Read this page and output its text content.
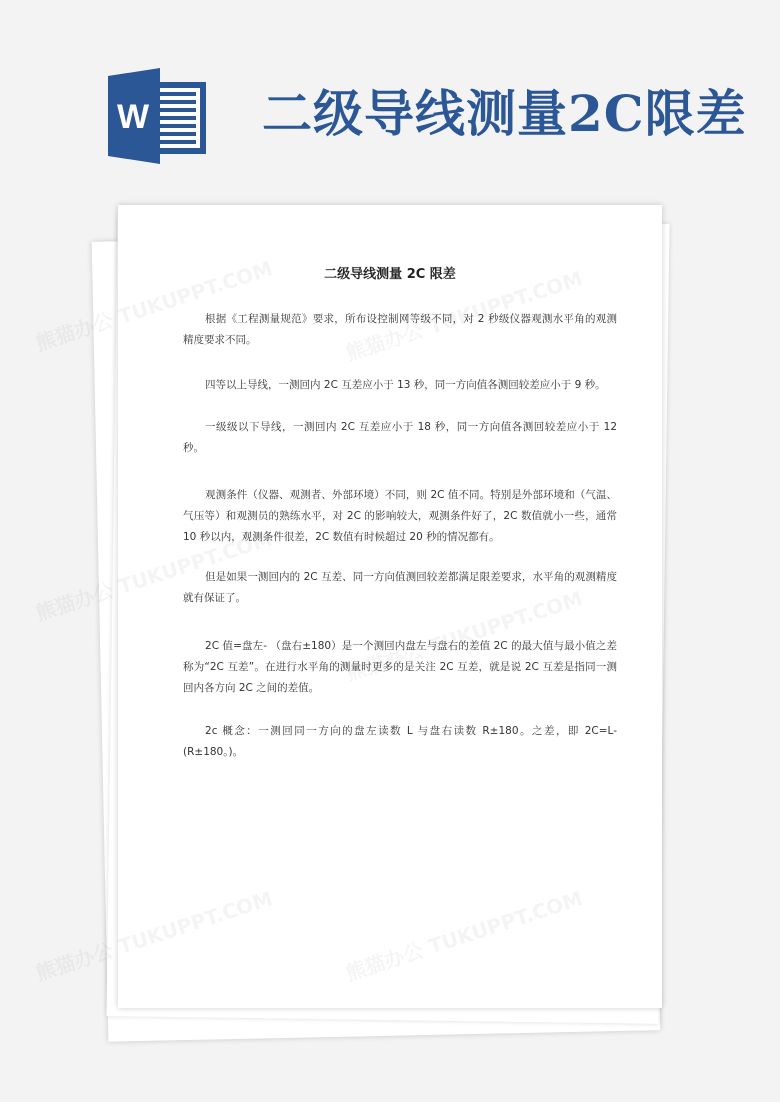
W 二级导线测量2C限差
二级导线测量 2C 限差
根据《工程测量规范》要求，所布设控制网等级不同，对 2 秒级仪器观测水平角的观测精度要求不同。
四等以上导线，一测回内 2C 互差应小于 13 秒，同一方向值各测回较差应小于 9 秒。
一级级以下导线，一测回内 2C 互差应小于 18 秒，同一方向值各测回较差应小于 12 秒。
观测条件（仪器、观测者、外部环境）不同，则 2C 值不同。特别是外部环境和（气温、气压等）和观测员的熟练水平，对 2C 的影响较大，观测条件好了，2C 数值就小一些，通常 10 秒以内，观测条件很差，2C 数值有时候超过 20 秒的情况都有。
但是如果一测回内的 2C 互差、同一方向值测回较差都满足限差要求，水平角的观测精度就有保证了。
2C 值=盘左- （盘右±180）是一个测回内盘左与盘右的差值 2C 的最大值与最小值之差称为“2C 互差”。在进行水平角的测量时更多的是关注 2C 互差，就是说 2C 互差是指同一测回内各方向 2C 之间的差值。
2c 概念：一测回同一方向的盘左读数 L 与盘右读数 R±180。之差，即 2C=L-(R±180。)。
